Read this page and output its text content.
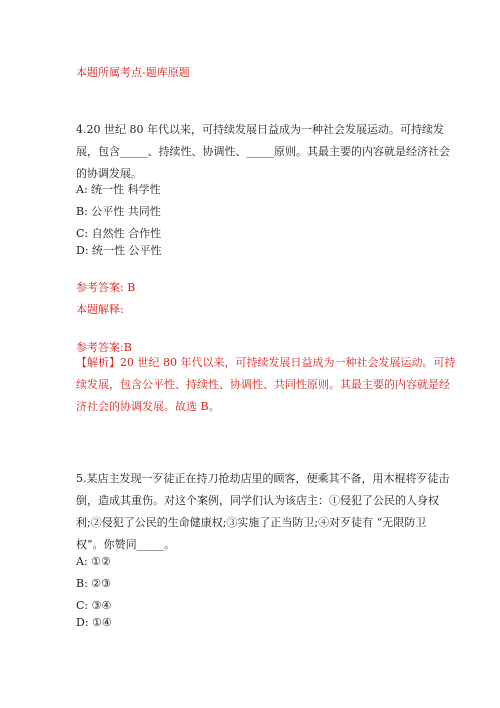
本题所属考点-题库原题
4.20 世纪 80 年代以来，可持续发展日益成为一种社会发展运动。可持续发
展，包含_____、持续性、协调性、_____原则。其最主要的内容就是经济社会
的协调发展。
A: 统一性 科学性
B: 公平性 共同性
C: 自然性 合作性
D: 统一性 公平性
参考答案: B
本题解释:
参考答案:B
【解析】20 世纪 80 年代以来，可持续发展日益成为一种社会发展运动。可持
续发展，包含公平性、持续性、协调性、共同性原则。其最主要的内容就是经
济社会的协调发展。故选 B。
5.某店主发现一歹徒正在持刀抢劫店里的顾客，便乘其不备，用木棍将歹徒击
倒，造成其重伤。对这个案例，同学们认为该店主：①侵犯了公民的人身权
利;②侵犯了公民的生命健康权;③实施了正当防卫;④对歹徒有 “无限防卫
权”。你赞同_____。
A: ①②
B: ②③
C: ③④
D: ①④
